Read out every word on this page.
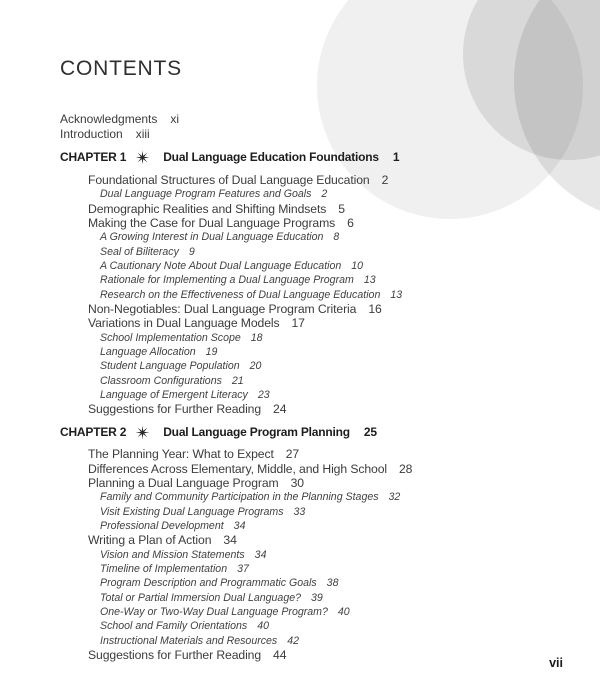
CONTENTS
Acknowledgments xi
Introduction xiii
CHAPTER 1	Dual Language Education Foundations 1
Foundational Structures of Dual Language Education 2
Dual Language Program Features and Goals 2
Demographic Realities and Shifting Mindsets 5
Making the Case for Dual Language Programs 6
A Growing Interest in Dual Language Education 8
Seal of Biliteracy 9
A Cautionary Note About Dual Language Education 10
Rationale for Implementing a Dual Language Program 13
Research on the Effectiveness of Dual Language Education 13
Non-Negotiables: Dual Language Program Criteria 16
Variations in Dual Language Models 17
School Implementation Scope 18
Language Allocation 19
Student Language Population 20
Classroom Configurations 21
Language of Emergent Literacy 23
Suggestions for Further Reading 24
CHAPTER 2	Dual Language Program Planning 25
The Planning Year: What to Expect 27
Differences Across Elementary, Middle, and High School 28
Planning a Dual Language Program 30
Family and Community Participation in the Planning Stages 32
Visit Existing Dual Language Programs 33
Professional Development 34
Writing a Plan of Action 34
Vision and Mission Statements 34
Timeline of Implementation 37
Program Description and Programmatic Goals 38
Total or Partial Immersion Dual Language? 39
One-Way or Two-Way Dual Language Program? 40
School and Family Orientations 40
Instructional Materials and Resources 42
Suggestions for Further Reading 44
vii
